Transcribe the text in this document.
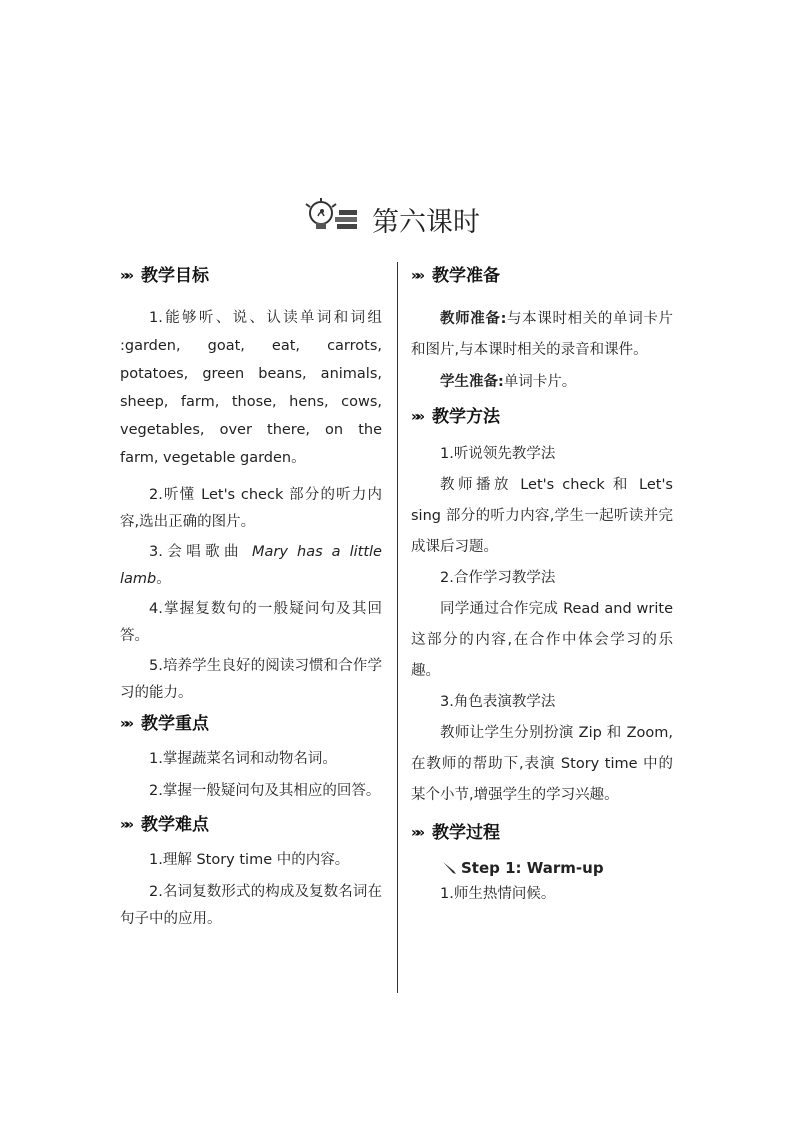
第六课时
»» 教学目标

1.能够听、说、认读单词和词组 :garden, goat, eat, carrots, potatoes, green beans, animals, sheep, farm, those, hens, cows, vegetables, over there, on the farm, vegetable garden。

2.听懂 Let's check 部分的听力内容,选出正确的图片。

3.会唱歌曲 Mary has a little lamb。

4.掌握复数句的一般疑问句及其回答。

5.培养学生良好的阅读习惯和合作学习的能力。

»» 教学重点

1.掌握蔬菜名词和动物名词。

2.掌握一般疑问句及其相应的回答。

»» 教学难点

1.理解 Story time 中的内容。

2.名词复数形式的构成及复数名词在句子中的应用。

»» 教学准备

教师准备:与本课时相关的单词卡片和图片,与本课时相关的录音和课件。

学生准备:单词卡片。

»» 教学方法

1.听说领先教学法

教师播放 Let's check 和 Let's sing 部分的听力内容,学生一起听读并完成课后习题。

2.合作学习教学法

同学通过合作完成 Read and write 这部分的内容,在合作中体会学习的乐趣。

3.角色表演教学法

教师让学生分别扮演 Zip 和 Zoom,在教师的帮助下,表演 Story time 中的某个小节,增强学生的学习兴趣。

»» 教学过程
Step 1: Warm-up

1.师生热情问候。
